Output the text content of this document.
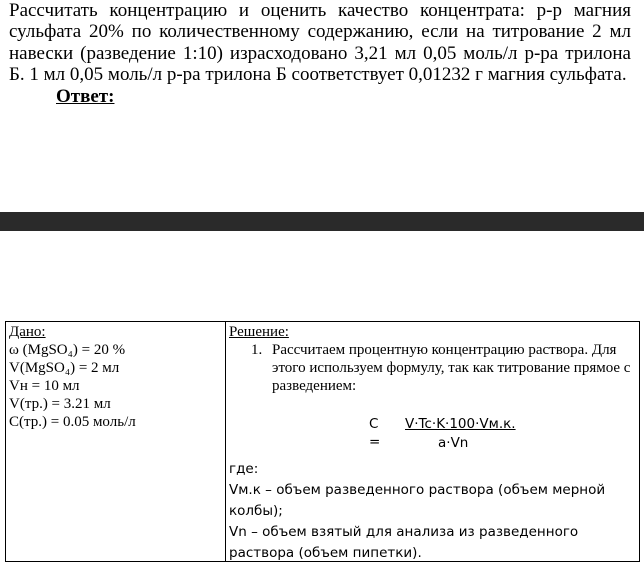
Рассчитать концентрацию и оценить качество концентрата: р-р магния

сульфата 20% по количественному содержанию, если на титрование 2 мл навески (разведение 1:10) израсходовано 3,21 мл 0,05 моль/л р-ра трилона Б. 1 мл 0,05 моль/л р-ра трилона Б соответствует 0,01232 г магния сульфата.

Ответ:
Дано:
ω (MgSO₄) = 20 %
V(MgSO₄) = 2 мл
Vн = 10 мл
V(тр.) = 3.21 мл
С(тр.) = 0.05 моль/л

Решение:
1. Рассчитаем процентную концентрацию раствора. Для этого используем формулу, так как титрование прямое с разведением:
С =
V·Tc·K·100·Vм.к.
a·Vn
где:
Vм.к – объем разведенного раствора (объем мерной колбы);
Vn – объем взятый для анализа из разведенного раствора (объем пипетки).
